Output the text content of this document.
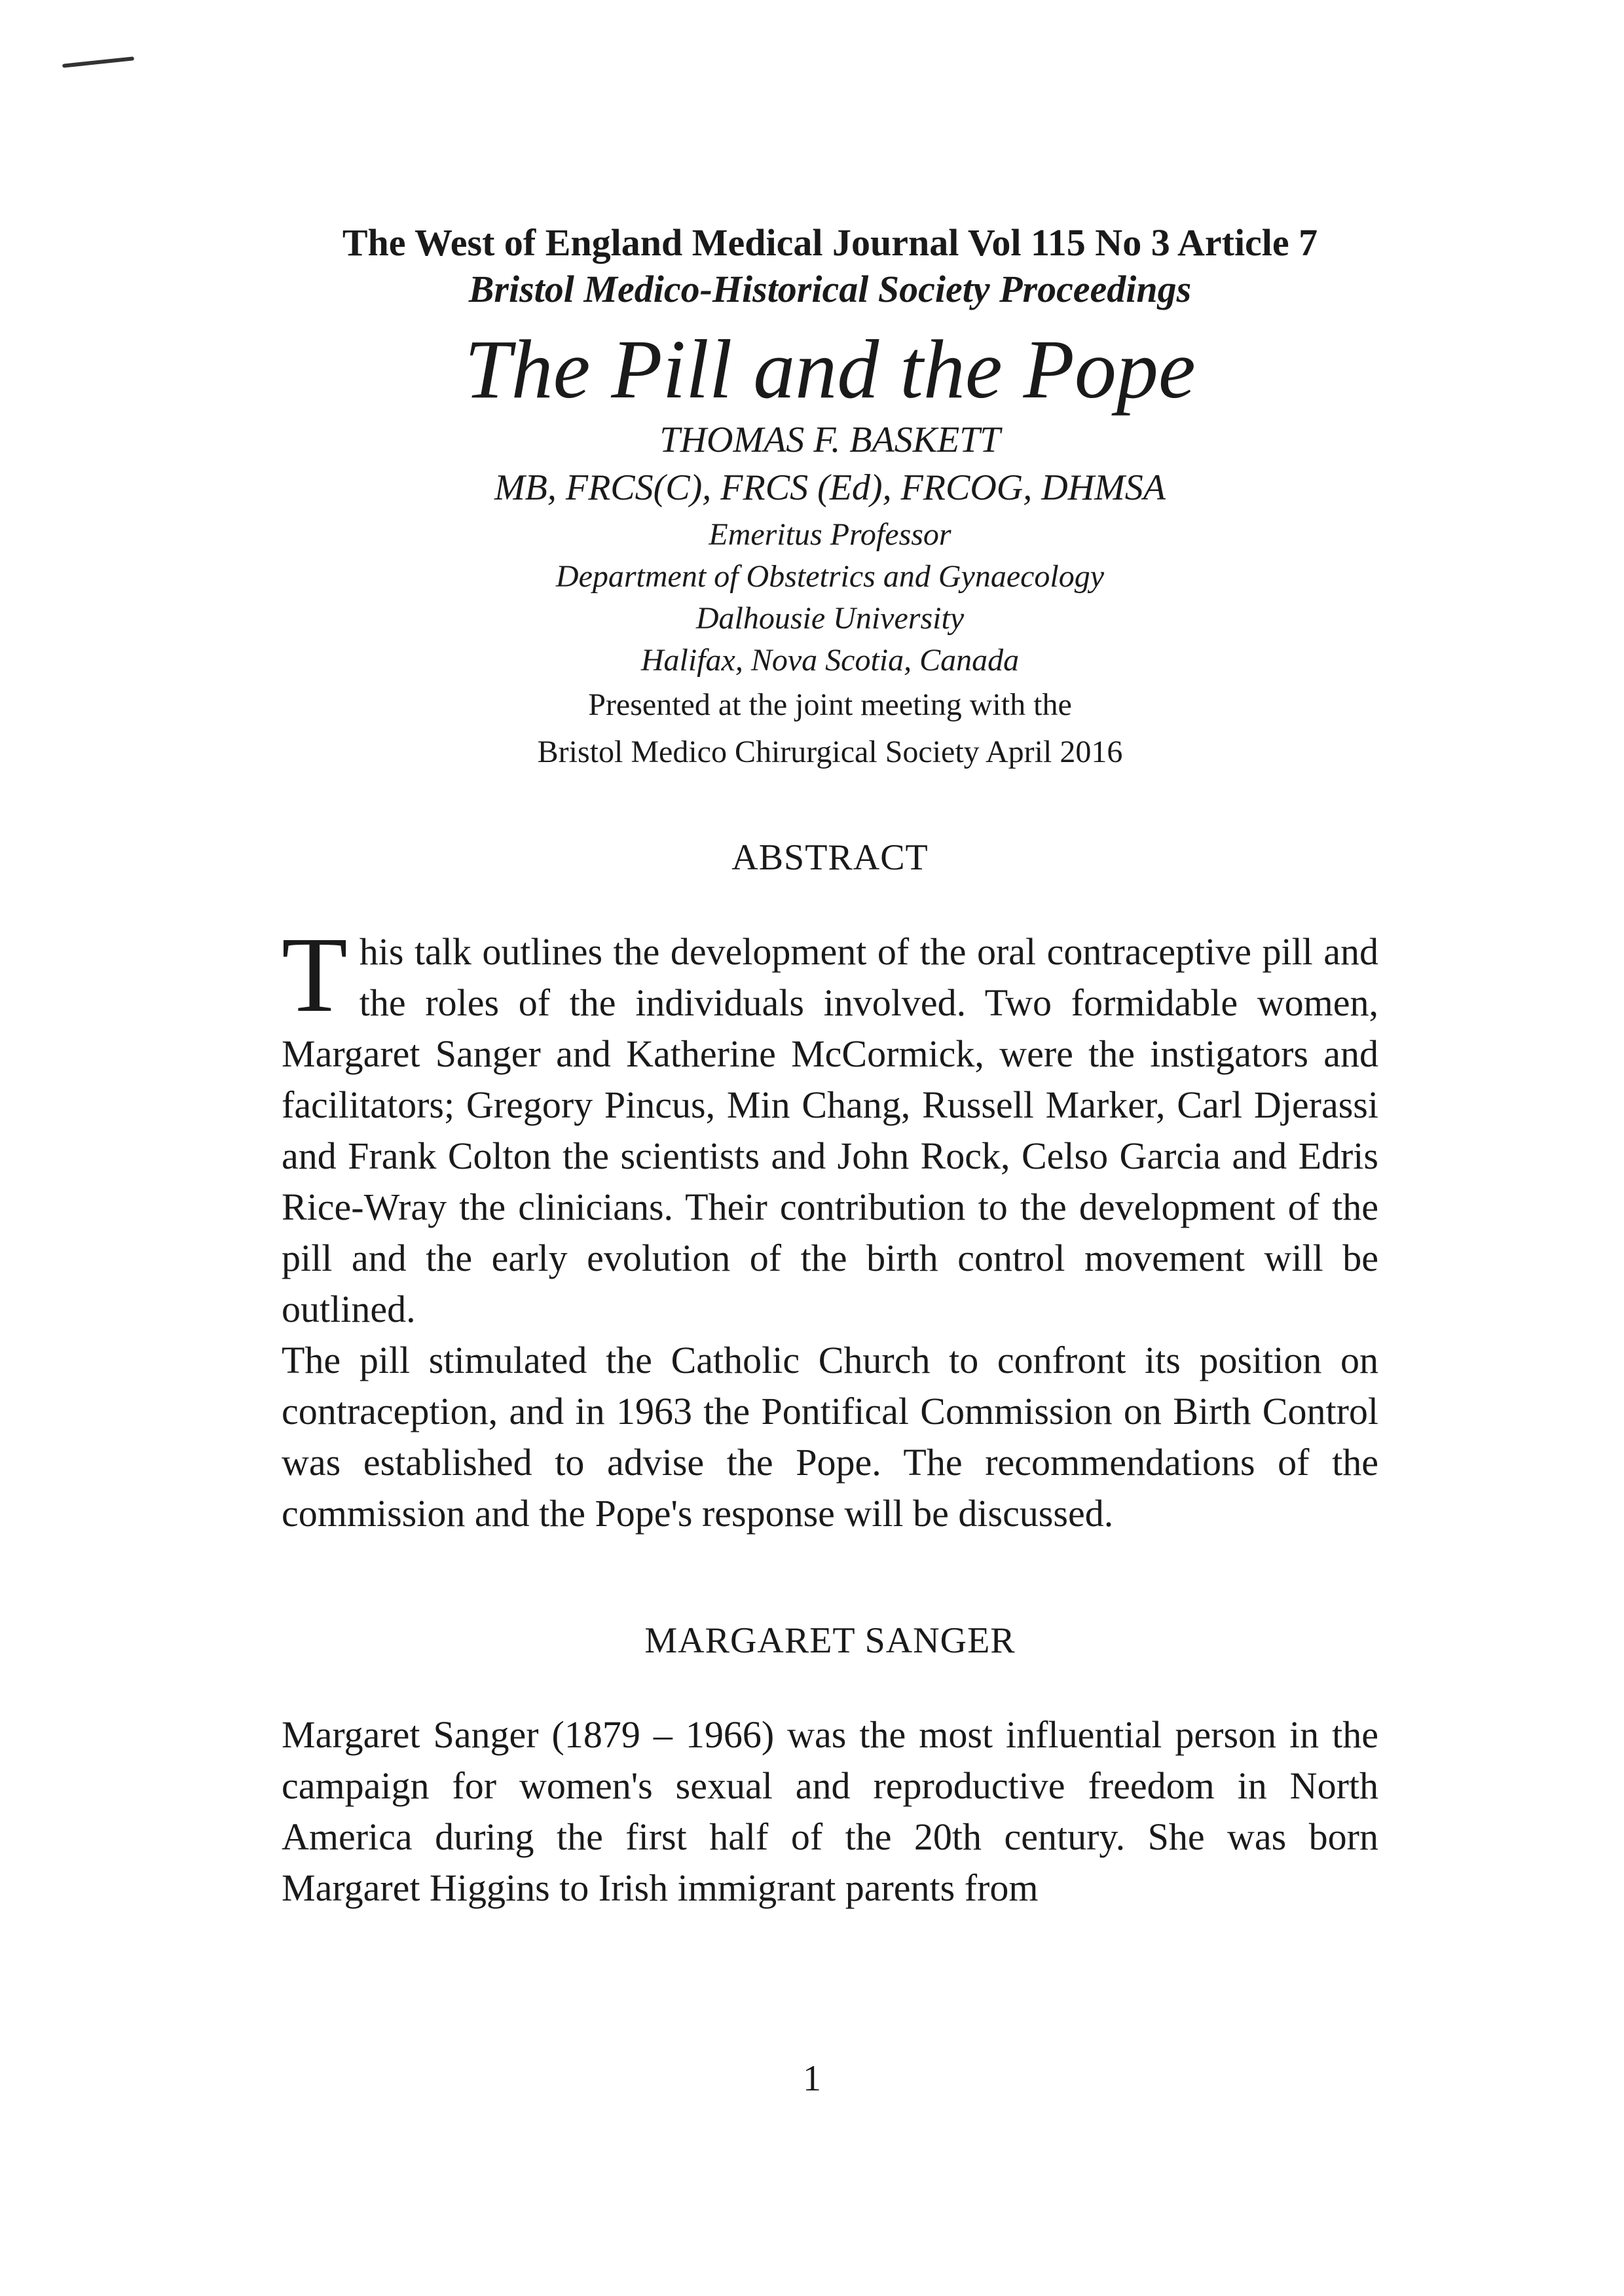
The West of England Medical Journal Vol 115 No 3 Article 7

Bristol Medico-Historical Society Proceedings

The Pill and the Pope

THOMAS F. BASKETT

MB, FRCS(C), FRCS (Ed), FRCOG, DHMSA

Emeritus Professor

Department of Obstetrics and Gynaecology

Dalhousie University

Halifax, Nova Scotia, Canada

Presented at the joint meeting with the

Bristol Medico Chirurgical Society April 2016

ABSTRACT

This talk outlines the development of the oral contraceptive pill and the roles of the individuals involved. Two formidable women, Margaret Sanger and Katherine McCormick, were the instigators and facilitators; Gregory Pincus, Min Chang, Russell Marker, Carl Djerassi and Frank Colton the scientists and John Rock, Celso Garcia and Edris Rice-Wray the clinicians. Their contribution to the development of the pill and the early evolution of the birth control movement will be outlined.

The pill stimulated the Catholic Church to confront its position on contraception, and in 1963 the Pontifical Commission on Birth Control was established to advise the Pope. The recommendations of the commission and the Pope's response will be discussed.

MARGARET SANGER

Margaret Sanger (1879 – 1966) was the most influential person in the campaign for women's sexual and reproductive freedom in North America during the first half of the 20th century. She was born Margaret Higgins to Irish immigrant parents from

1
